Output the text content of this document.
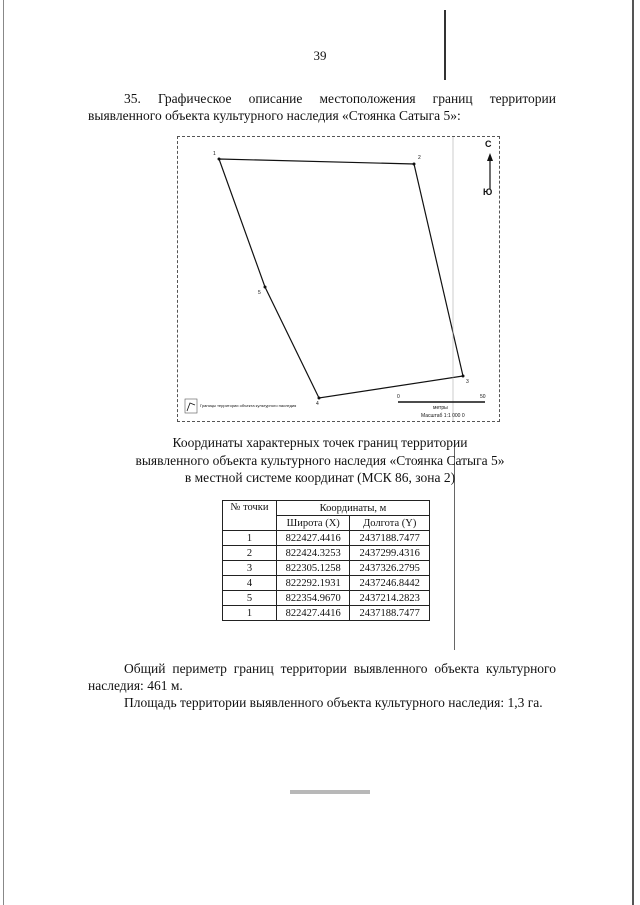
39
35. Графическое описание местоположения границ территории выявленного объекта культурного наследия «Стоянка Сатыга 5»:
1
2
3
4
5
С
Ю
Границы территории объекта культурного наследия
0	50
метры
Масштаб 1:1 000 0
Координаты характерных точек границ территории
выявленного объекта культурного наследия «Стоянка Сатыга 5»
в местной системе координат (МСК 86, зона 2)
№ точки	Координаты, м	
	Широта (X)	Долгота (Y)
1	822427.4416	2437188.7477
2	822424.3253	2437299.4316
3	822305.1258	2437326.2795
4	822292.1931	2437246.8442
5	822354.9670	2437214.2823
1	822427.4416	2437188.7477
Общий периметр границ территории выявленного объекта культурного наследия: 461 м.
Площадь территории выявленного объекта культурного наследия: 1,3 га.
